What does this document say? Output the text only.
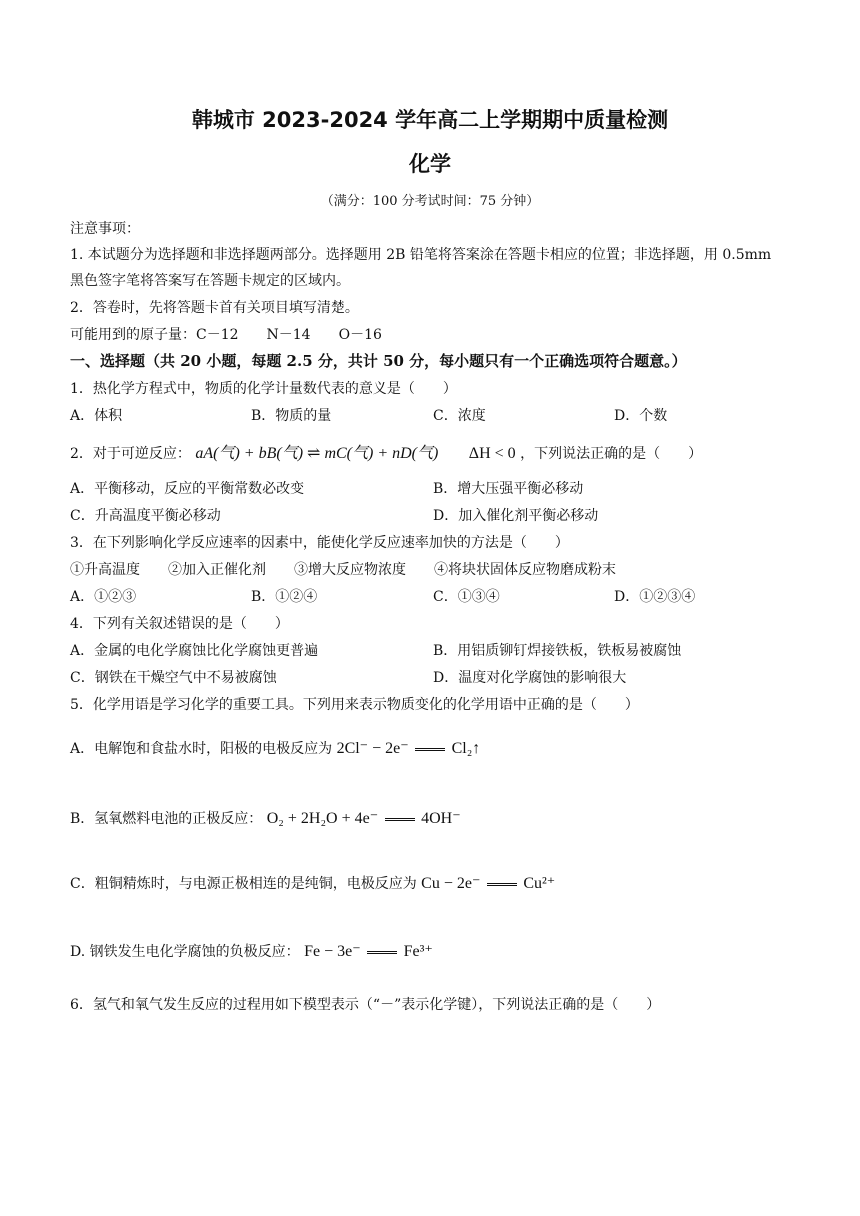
韩城市 2023-2024 学年高二上学期期中质量检测
化学
（满分：100 分考试时间：75 分钟）
注意事项：
1. 本试题分为选择题和非选择题两部分。选择题用 2B 铅笔将答案涂在答题卡相应的位置；非选择题，用 0.5mm
黑色签字笔将答案写在答题卡规定的区域内。
2．答卷时，先将答题卡首有关项目填写清楚。
可能用到的原子量：C－12　　N－14　　O－16
一、选择题（共 20 小题，每题 2.5 分，共计 50 分，每小题只有一个正确选项符合题意。）
1．热化学方程式中，物质的化学计量数代表的意义是（　　）
A．体积	B．物质的量	C．浓度	D．个数
2．对于可逆反应： aA(气) + bB(气) ⇌ mC(气) + nD(气) ΔH < 0 ，下列说法正确的是（　　）
A．平衡移动，反应的平衡常数必改变	B．增大压强平衡必移动
C．升高温度平衡必移动	D．加入催化剂平衡必移动
3．在下列影响化学反应速率的因素中，能使化学反应速率加快的方法是（　　）
①升高温度　　②加入正催化剂　　③增大反应物浓度　　④将块状固体反应物磨成粉末
A．①②③	B．①②④	C．①③④	D．①②③④
4．下列有关叙述错误的是（　　）
A．金属的电化学腐蚀比化学腐蚀更普遍	B．用铝质铆钉焊接铁板，铁板易被腐蚀
C．钢铁在干燥空气中不易被腐蚀	D．温度对化学腐蚀的影响很大
5．化学用语是学习化学的重要工具。下列用来表示物质变化的化学用语中正确的是（　　）
A．电解饱和食盐水时，阳极的电极反应为 2Cl⁻ − 2e⁻	Cl₂↑
B．氢氧燃料电池的正极反应： O₂ + 2H₂O + 4e⁻	4OH⁻
C．粗铜精炼时，与电源正极相连的是纯铜，电极反应为 Cu − 2e⁻	Cu²⁺
D. 钢铁发生电化学腐蚀的负极反应： Fe − 3e⁻	Fe³⁺
6．氢气和氧气发生反应的过程用如下模型表示（“－”表示化学键），下列说法正确的是（　　）
